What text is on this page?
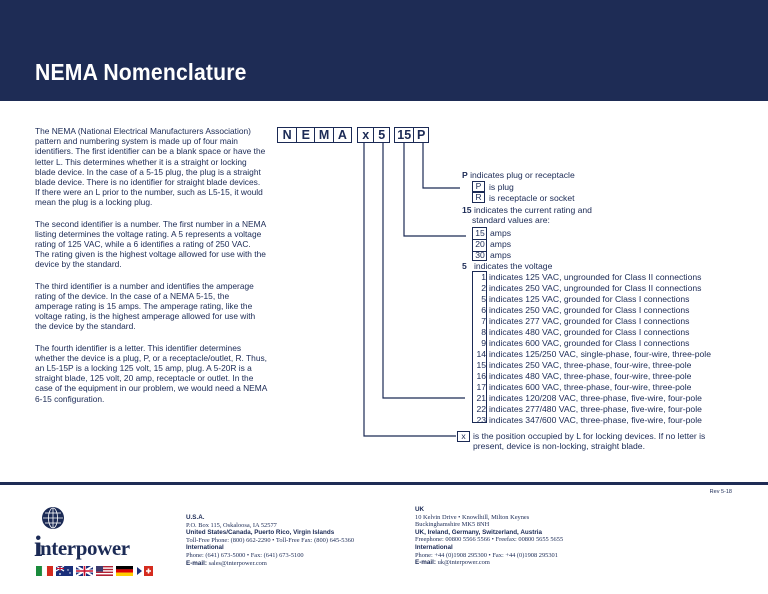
NEMA Nomenclature

The NEMA (National Electrical Manufacturers Association) pattern and numbering system is made up of four main identifiers. The first identifier can be a blank space or have the letter L. This determines whether it is a straight or locking blade device. In the case of a 5-15 plug, the plug is a straight blade device. There is no identifier for straight blade devices. If there were an L prior to the number, such as L5-15, it would mean the plug is a locking plug.

The second identifier is a number. The first number in a NEMA listing determines the voltage rating. A 5 represents a voltage rating of 125 VAC, while a 6 identifies a rating of 250 VAC. The rating given is the highest voltage allowed for use with the device by the standard.

The third identifier is a number and identifies the amperage rating of the device. In the case of a NEMA 5-15, the amperage rating is 15 amps. The amperage rating, like the voltage rating, is the highest amperage allowed for use with the device by the standard.

The fourth identifier is a letter. This identifier determines whether the device is a plug, P, or a receptacle/outlet, R. Thus, an L5-15P is a locking 125 volt, 15 amp, plug. A 5-20R is a straight blade, 125 volt, 20 amp, receptacle or outlet. In the case of the equipment in our problem, we would need a NEMA 6-15 configuration.

N E M A	x 5 15 P
P indicates plug or receptacle
P is plug
R is receptacle or socket
15 indicates the current rating and
standard values are:
15 amps
20 amps
30 amps
5 indicates the voltage
1 indicates 125 VAC, ungrounded for Class II connections
2 indicates 250 VAC, ungrounded for Class II connections
5 indicates 125 VAC, grounded for Class I connections
6 indicates 250 VAC, grounded for Class I connections
7 indicates 277 VAC, grounded for Class I connections
8 indicates 480 VAC, grounded for Class I connections
9 indicates 600 VAC, grounded for Class I connections
14 indicates 125/250 VAC, single-phase, four-wire, three-pole
15 indicates 250 VAC, three-phase, four-wire, three-pole
16 indicates 480 VAC, three-phase, four-wire, three-pole
17 indicates 600 VAC, three-phase, four-wire, three-pole
21 indicates 120/208 VAC, three-phase, five-wire, four-pole
22 indicates 277/480 VAC, three-phase, five-wire, four-pole
23 indicates 347/600 VAC, three-phase, five-wire, four-pole
x is the position occupied by L for locking devices. If no letter is
present, device is non-locking, straight blade.
Rev 5-18
i
nterpower
U.S.A.
P.O. Box 115, Oskaloosa, IA 52577
United States/Canada, Puerto Rico, Virgin Islands
Toll-Free Phone: (800) 662-2290 • Toll-Free Fax: (800) 645-5360
International
Phone: (641) 673-5000 • Fax: (641) 673-5100
E-mail: sales@interpower.com
UK
10 Kelvin Drive • Knowlhill, Milton Keynes
Buckinghamshire MK5 8NH
UK, Ireland, Germany, Switzerland, Austria
Freephone: 00800 5566 5566 • Freefax: 00800 5655 5655
International
Phone: +44 (0)1908 295300 • Fax: +44 (0)1908 295301
E-mail: uk@interpower.com
